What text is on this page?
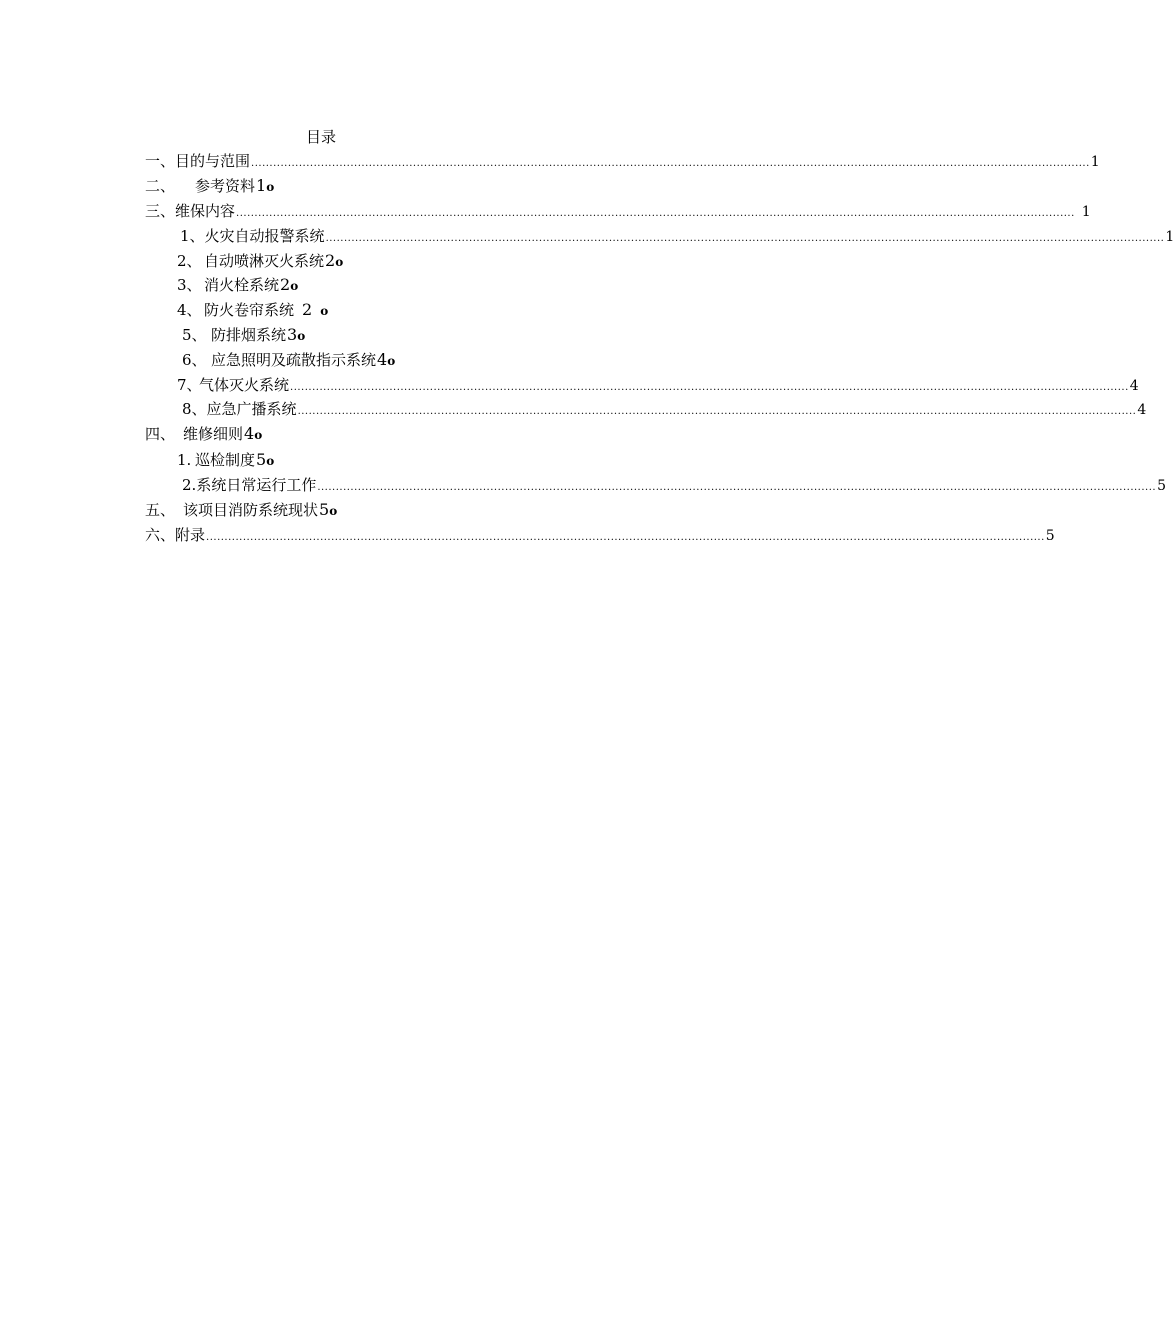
目录
一、 目的与范围 .................................................................................................................................................................................................................................... 1
二、	参考资料 1o
三、 维保内容 .................................................................................................................................................................................................................................... 1
1、 火灾自动报警系统 .................................................................................................................................................................................................................................... 1
2、 自动喷淋灭火系统 2o
3、 消火栓系统 2o
4、 防火卷帘系统 2 o
5、 防排烟系统 3o
6、 应急照明及疏散指示系统 4o
7、
气体灭火系统 .................................................................................................................................................................................................................................... 4
8、 应急广播系统 .................................................................................................................................................................................................................................... 4
四、 维修细则 4o
1. 巡检制度 5o
2. 系统日常运行工作 .................................................................................................................................................................................................................................... 5
五、 该项目消防系统现状 5o
六、 附录 .................................................................................................................................................................................................................................... 5
